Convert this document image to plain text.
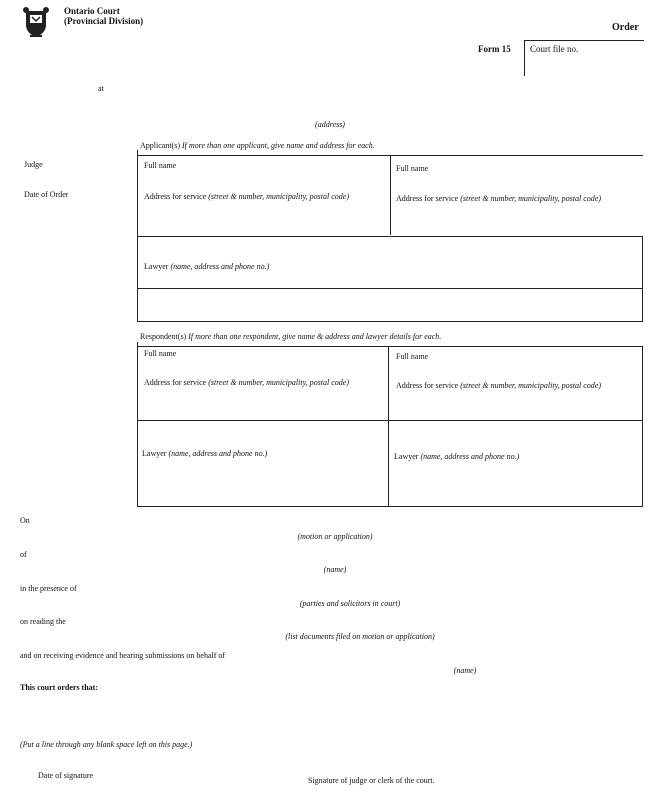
Ontario Court
(Provincial Division)
Order
Form 15 Court file no.
at
(address)
Judge
Date of Order
Applicant(s) If more than one applicant, give name and address for each.
Full name	Full name
Address for service (street & number, municipality, postal code)	Address for service (street & number, municipality, postal code)
Lawyer (name, address and phone no.)
Respondent(s) If more than one respondent, give name & address and lawyer details for each.
Full name	Full name
Address for service (street & number, municipality, postal code)	Address for service (street & number, municipality, postal code)
Lawyer (name, address and phone no.)	Lawyer (name, address and phone no.)
On
(motion or application)
of
(name)
in the presence of
(parties and solicitors in court)
on reading the
(list documents filed on motion or application)
and on receiving evidence and hearing submissions on behalf of
(name)
This court orders that:
(Put a line through any blank space left on this page.)
Date of signature
Signature of judge or clerk of the court.
